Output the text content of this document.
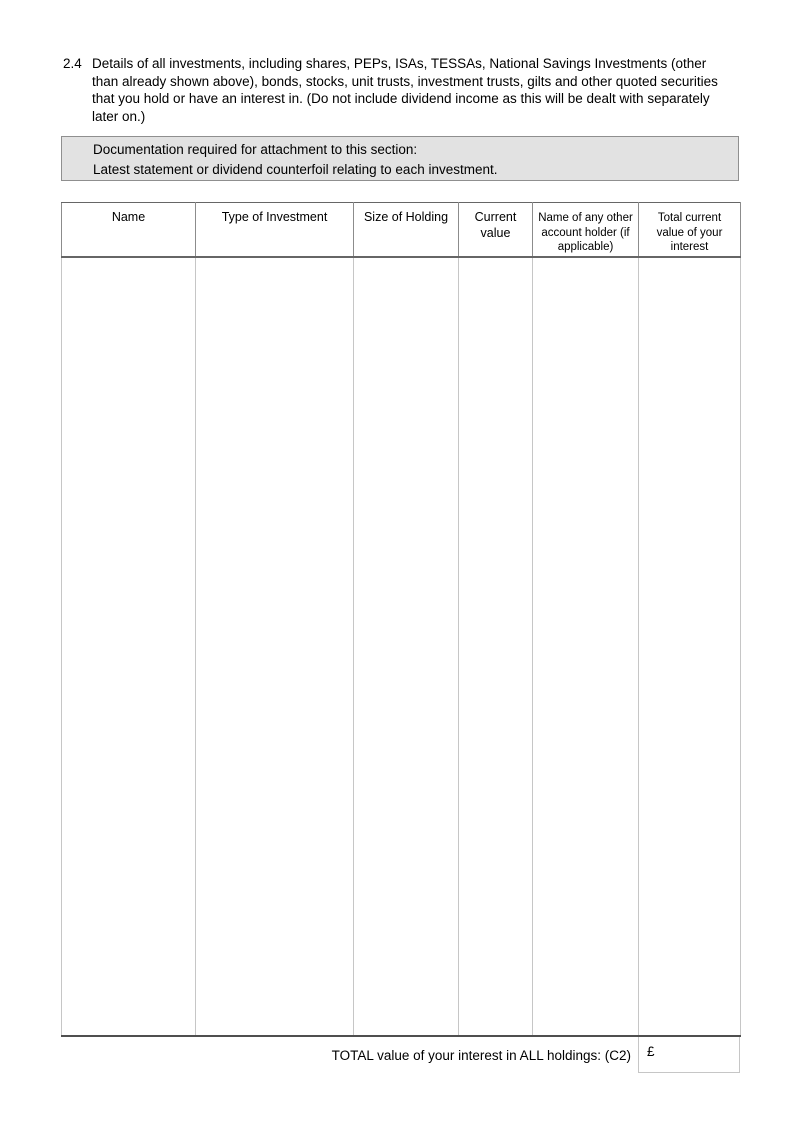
2.4 Details of all investments, including shares, PEPs, ISAs, TESSAs, National Savings Investments (other than already shown above), bonds, stocks, unit trusts, investment trusts, gilts and other quoted securities that you hold or have an interest in. (Do not include dividend income as this will be dealt with separately later on.)
Documentation required for attachment to this section:
Latest statement or dividend counterfoil relating to each investment.
Name	Type of Investment	Size of Holding	Current value	Name of any other account holder (if applicable)	Total current value of your interest

TOTAL value of your interest in ALL holdings: (C2)	£
